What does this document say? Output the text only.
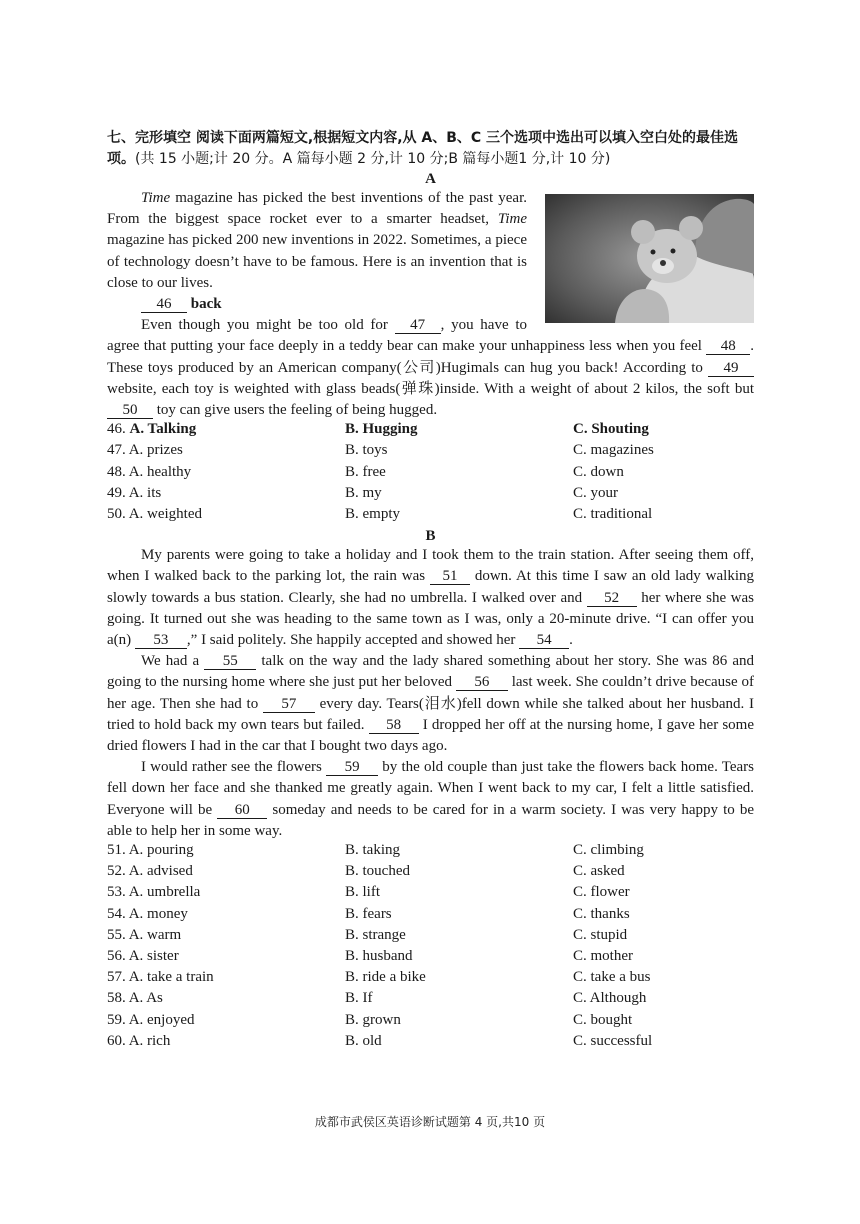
七、完形填空 阅读下面两篇短文,根据短文内容,从 A、B、C 三个选项中选出可以填入空白处的最佳选项。(共 15 小题;计 20 分。A 篇每小题 2 分,计 10 分;B 篇每小题1 分,计 10 分)
A

Time magazine has picked the best inventions of the past year. From the biggest space rocket ever to a smarter headset, Time magazine has picked 200 new inventions in 2022. Sometimes, a piece of technology doesn’t have to be famous. Here is an invention that is close to our lives.

46 back

Even though you might be too old for 47 , you have to agree that putting your face deeply in a teddy bear can make your unhappiness less when you feel 48 . These toys produced by an American company(公司)Hugimals can hug you back! According to 49 website, each toy is weighted with glass beads(弹珠)inside. With a weight of about 2 kilos, the soft but 50 toy can give users the feeling of being hugged.

46. A. Talking	B. Hugging	C. Shouting
47. A. prizes	B. toys	C. magazines
48. A. healthy	B. free	C. down
49. A. its	B. my	C. your
50. A. weighted	B. empty	C. traditional
B

My parents were going to take a holiday and I took them to the train station. After seeing them off, when I walked back to the parking lot, the rain was 51 down. At this time I saw an old lady walking slowly towards a bus station. Clearly, she had no umbrella. I walked over and 52 her where she was going. It turned out she was heading to the same town as I was, only a 20-minute drive. “I can offer you a(n) 53 ,” I said politely. She happily accepted and showed her 54 .

We had a 55 talk on the way and the lady shared something about her story. She was 86 and going to the nursing home where she just put her beloved 56 last week. She couldn’t drive because of her age. Then she had to 57 every day. Tears(泪水)fell down while she talked about her husband. I tried to hold back my own tears but failed. 58 I dropped her off at the nursing home, I gave her some dried flowers I had in the car that I bought two days ago.

I would rather see the flowers 59 by the old couple than just take the flowers back home. Tears fell down her face and she thanked me greatly again. When I went back to my car, I felt a little satisfied. Everyone will be 60 someday and needs to be cared for in a warm society. I was very happy to be able to help her in some way.

51. A. pouring	B. taking	C. climbing
52. A. advised	B. touched	C. asked
53. A. umbrella	B. lift	C. flower
54. A. money	B. fears	C. thanks
55. A. warm	B. strange	C. stupid
56. A. sister	B. husband	C. mother
57. A. take a train	B. ride a bike	C. take a bus
58. A. As	B. If	C. Although
59. A. enjoyed	B. grown	C. bought
60. A. rich	B. old	C. successful
成都市武侯区英语诊断试题第 4 页,共10 页
